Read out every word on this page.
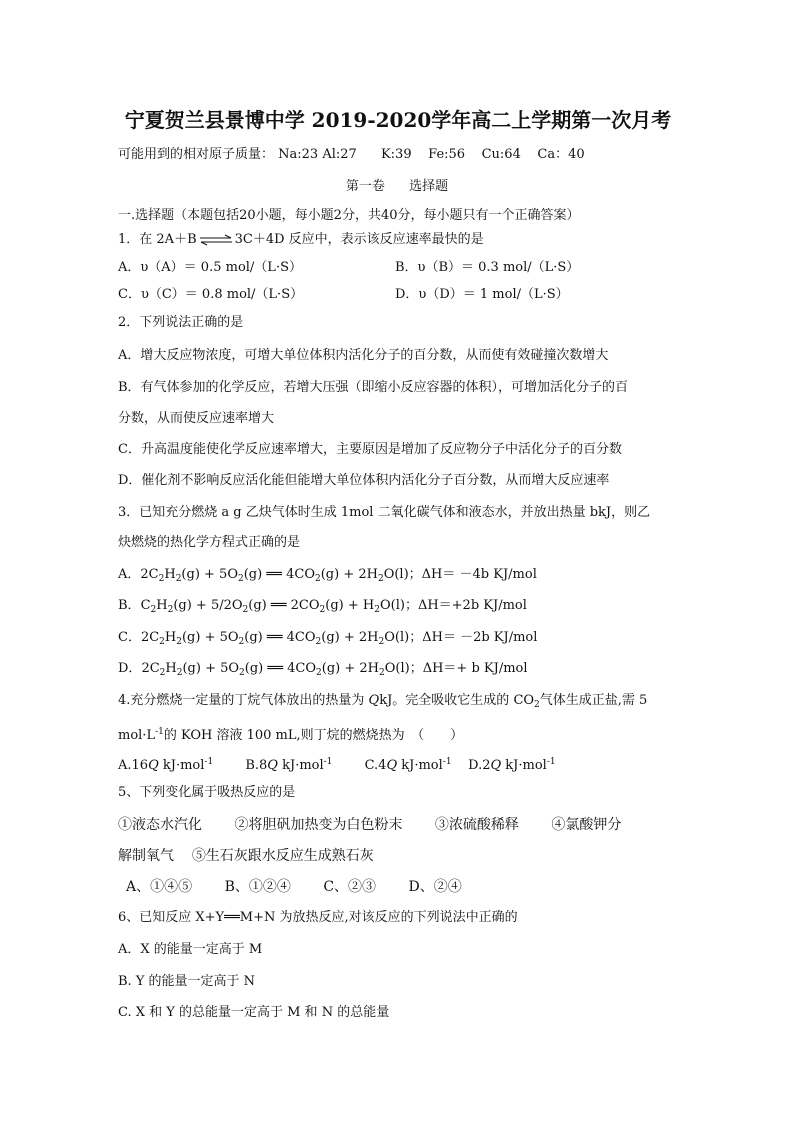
宁夏贺兰县景博中学 2019-2020学年高二上学期第一次月考
可能用到的相对原子质量： Na:23 Al:27 K:39 Fe:56 Cu:64 Ca：40
第一卷 选择题
一.选择题（本题包括20小题，每小题2分，共40分，每小题只有一个正确答案）
1．在 2A＋B ⇌ 3C＋4D 反应中，表示该反应速率最快的是
A．υ（A）＝ 0.5 mol/（L·S）	B．υ（B）＝ 0.3 mol/（L·S）
C．υ（C）＝ 0.8 mol/（L·S）	D．υ（D）＝ 1 mol/（L·S）
2．下列说法正确的是
A．增大反应物浓度，可增大单位体积内活化分子的百分数，从而使有效碰撞次数增大
B．有气体参加的化学反应，若增大压强（即缩小反应容器的体积），可增加活化分子的百
分数，从而使反应速率增大
C．升高温度能使化学反应速率增大，主要原因是增加了反应物分子中活化分子的百分数
D．催化剂不影响反应活化能但能增大单位体积内活化分子百分数，从而增大反应速率
3．已知充分燃烧 a g 乙炔气体时生成 1mol 二氧化碳气体和液态水，并放出热量 bkJ，则乙
炔燃烧的热化学方程式正确的是
A．$2C_2H_2(g) + 5O_2(g)$ ══ $4CO_2(g) + 2H_2O(l)$；ΔH＝ －4b KJ/mol
B．$C_2H_2(g) + 5/2O_2(g)$ ══ $2CO_2(g) + H_2O(l)$；ΔH＝+2b KJ/mol
C．$2C_2H_2(g) + 5O_2(g)$ ══ $4CO_2(g) + 2H_2O(l)$；ΔH＝ －2b KJ/mol
D．$2C_2H_2(g) + 5O_2(g)$ ══ $4CO_2(g) + 2H_2O(l)$；ΔH＝+ b KJ/mol
4.充分燃烧一定量的丁烷气体放出的热量为 QkJ。完全吸收它生成的 $CO_2$气体生成正盐,需 5
$mol\cdot L^{-1}$的 KOH 溶液 100 mL,则丁烷的燃烧热为　（　　）
A.16Q kJ·mol$^{-1}$ B.8Q kJ·mol$^{-1}$ C.4Q kJ·mol$^{-1}$ D.2Q kJ·mol$^{-1}$
5、下列变化属于吸热反应的是
①液态水汽化 ②将胆矾加热变为白色粉末 ③浓硫酸稀释 ④氯酸钾分
解制氧气 ⑤生石灰跟水反应生成熟石灰
A、①④⑤ B、①②④ C、②③ D、②④
6、已知反应 X+Y══M+N 为放热反应,对该反应的下列说法中正确的
A．X 的能量一定高于 M
B. Y 的能量一定高于 N
C. X 和 Y 的总能量一定高于 M 和 N 的总能量
